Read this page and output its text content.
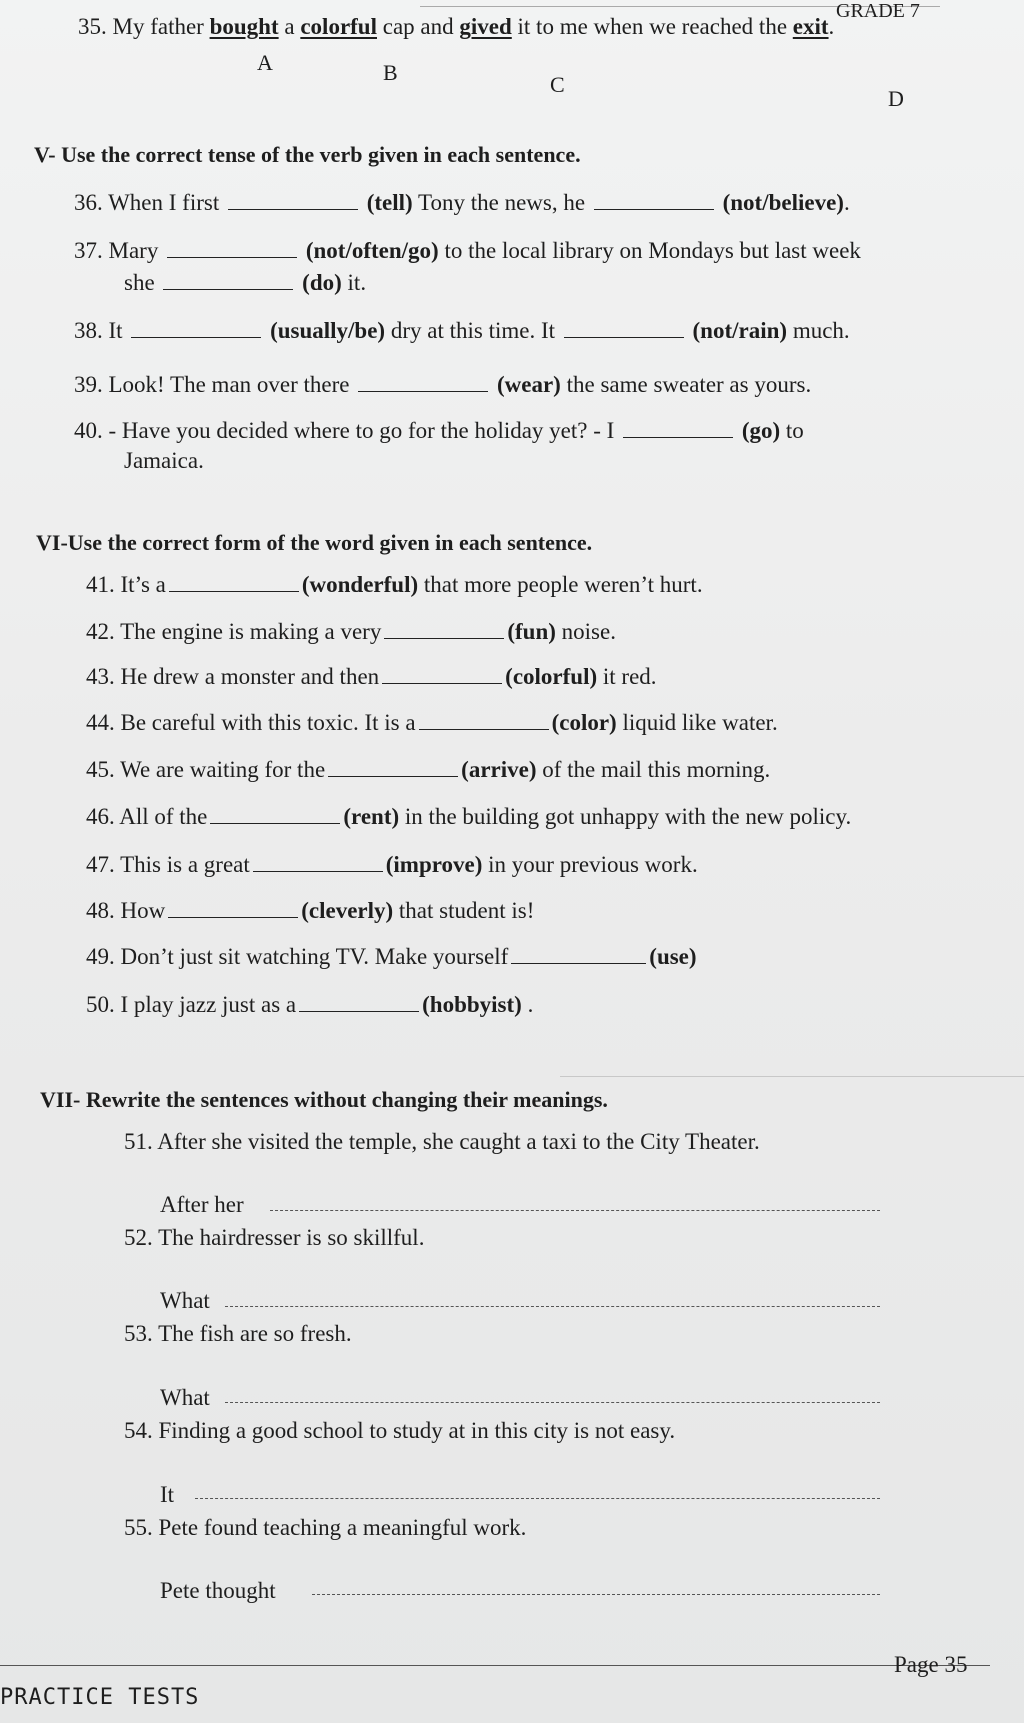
GRADE 7
35. My father bought a colorful cap and gived it to me when we reached the exit.
A	B	C
D
V- Use the correct tense of the verb given in each sentence.
36. When I first	(tell) Tony the news, he	(not/believe).
37. Mary	(not/often/go) to the local library on Mondays but last week
she	(do) it.
38. It	(usually/be) dry at this time. It	(not/rain) much.
39. Look! The man over there	(wear) the same sweater as yours.
40. - Have you decided where to go for the holiday yet? - I	(go) to
Jamaica.
VI-Use the correct form of the word given in each sentence.
41. It’s a	(wonderful) that more people weren’t hurt.
42. The engine is making a very	(fun) noise.
43. He drew a monster and then	(colorful) it red.
44. Be careful with this toxic. It is a	(color) liquid like water.
45. We are waiting for the	(arrive) of the mail this morning.
46. All of the	(rent) in the building got unhappy with the new policy.
47. This is a great	(improve) in your previous work.
48. How	(cleverly) that student is!
49. Don’t just sit watching TV. Make yourself	(use)
50. I play jazz just as a	(hobbyist) .
VII- Rewrite the sentences without changing their meanings.
51. After she visited the temple, she caught a taxi to the City Theater.
After her
52. The hairdresser is so skillful.
What
53. The fish are so fresh.
What
54. Finding a good school to study at in this city is not easy.
It
55. Pete found teaching a meaningful work.
Pete thought
Page 35
PRACTICE TESTS
